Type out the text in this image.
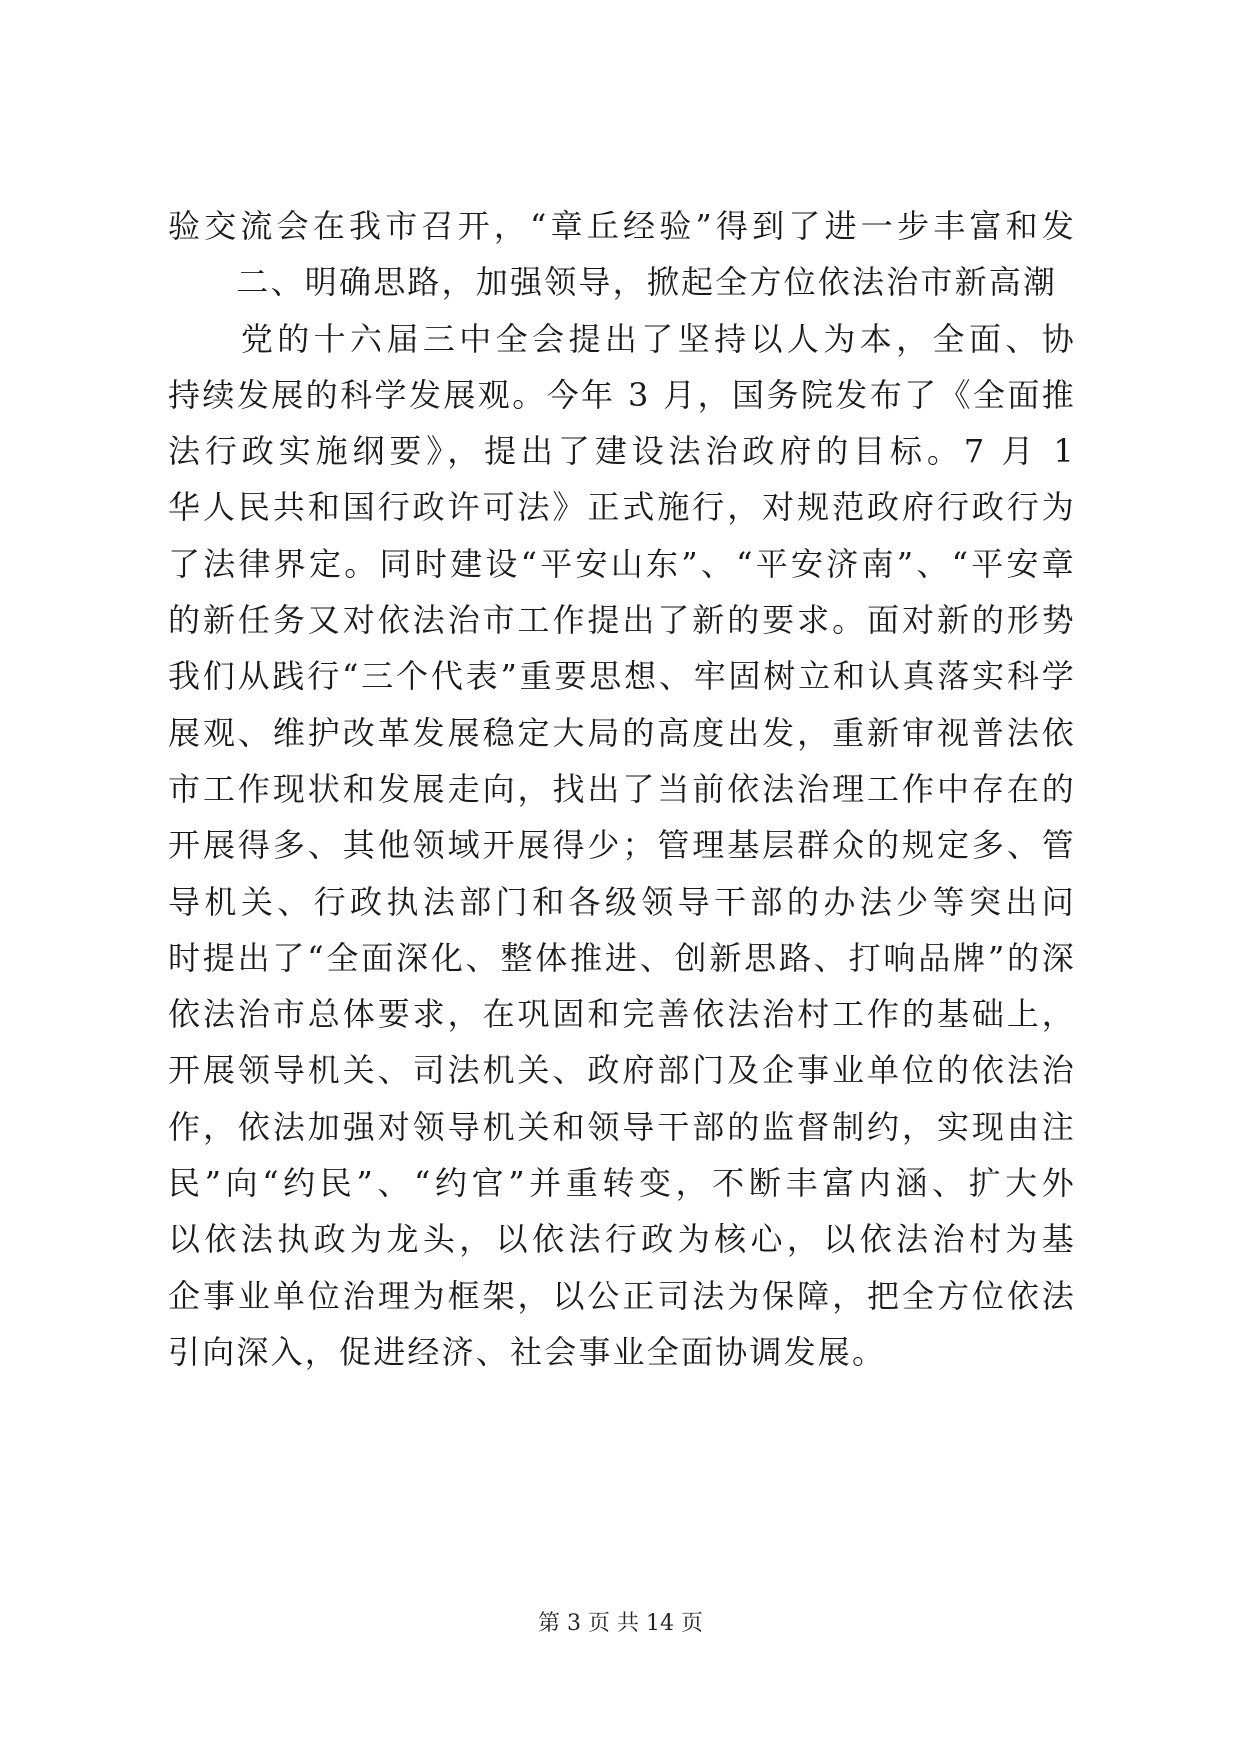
验交流会在我市召开，“章丘经验”得到了进一步丰富和发
　　二、明确思路，加强领导，掀起全方位依法治市新高潮
　　党的十六届三中全会提出了坚持以人为本，全面、协
持续发展的科学发展观。今年 3 月，国务院发布了《全面推
法行政实施纲要》，提出了建设法治政府的目标。7 月 1
华人民共和国行政许可法》正式施行，对规范政府行政行为
了法律界定。同时建设“平安山东”、“平安济南”、“平安章
的新任务又对依法治市工作提出了新的要求。面对新的形势
我们从践行“三个代表”重要思想、牢固树立和认真落实科学
展观、维护改革发展稳定大局的高度出发，重新审视普法依
市工作现状和发展走向，找出了当前依法治理工作中存在的
开展得多、其他领域开展得少；管理基层群众的规定多、管
导机关、行政执法部门和各级领导干部的办法少等突出问
时提出了“全面深化、整体推进、创新思路、打响品牌”的深
依法治市总体要求，在巩固和完善依法治村工作的基础上，
开展领导机关、司法机关、政府部门及企事业单位的依法治
作，依法加强对领导机关和领导干部的监督制约，实现由注
民”向“约民”、“约官”并重转变，不断丰富内涵、扩大外
以依法执政为龙头，以依法行政为核心，以依法治村为基
企事业单位治理为框架，以公正司法为保障，把全方位依法
引向深入，促进经济、社会事业全面协调发展。
第 3 页 共 14 页
